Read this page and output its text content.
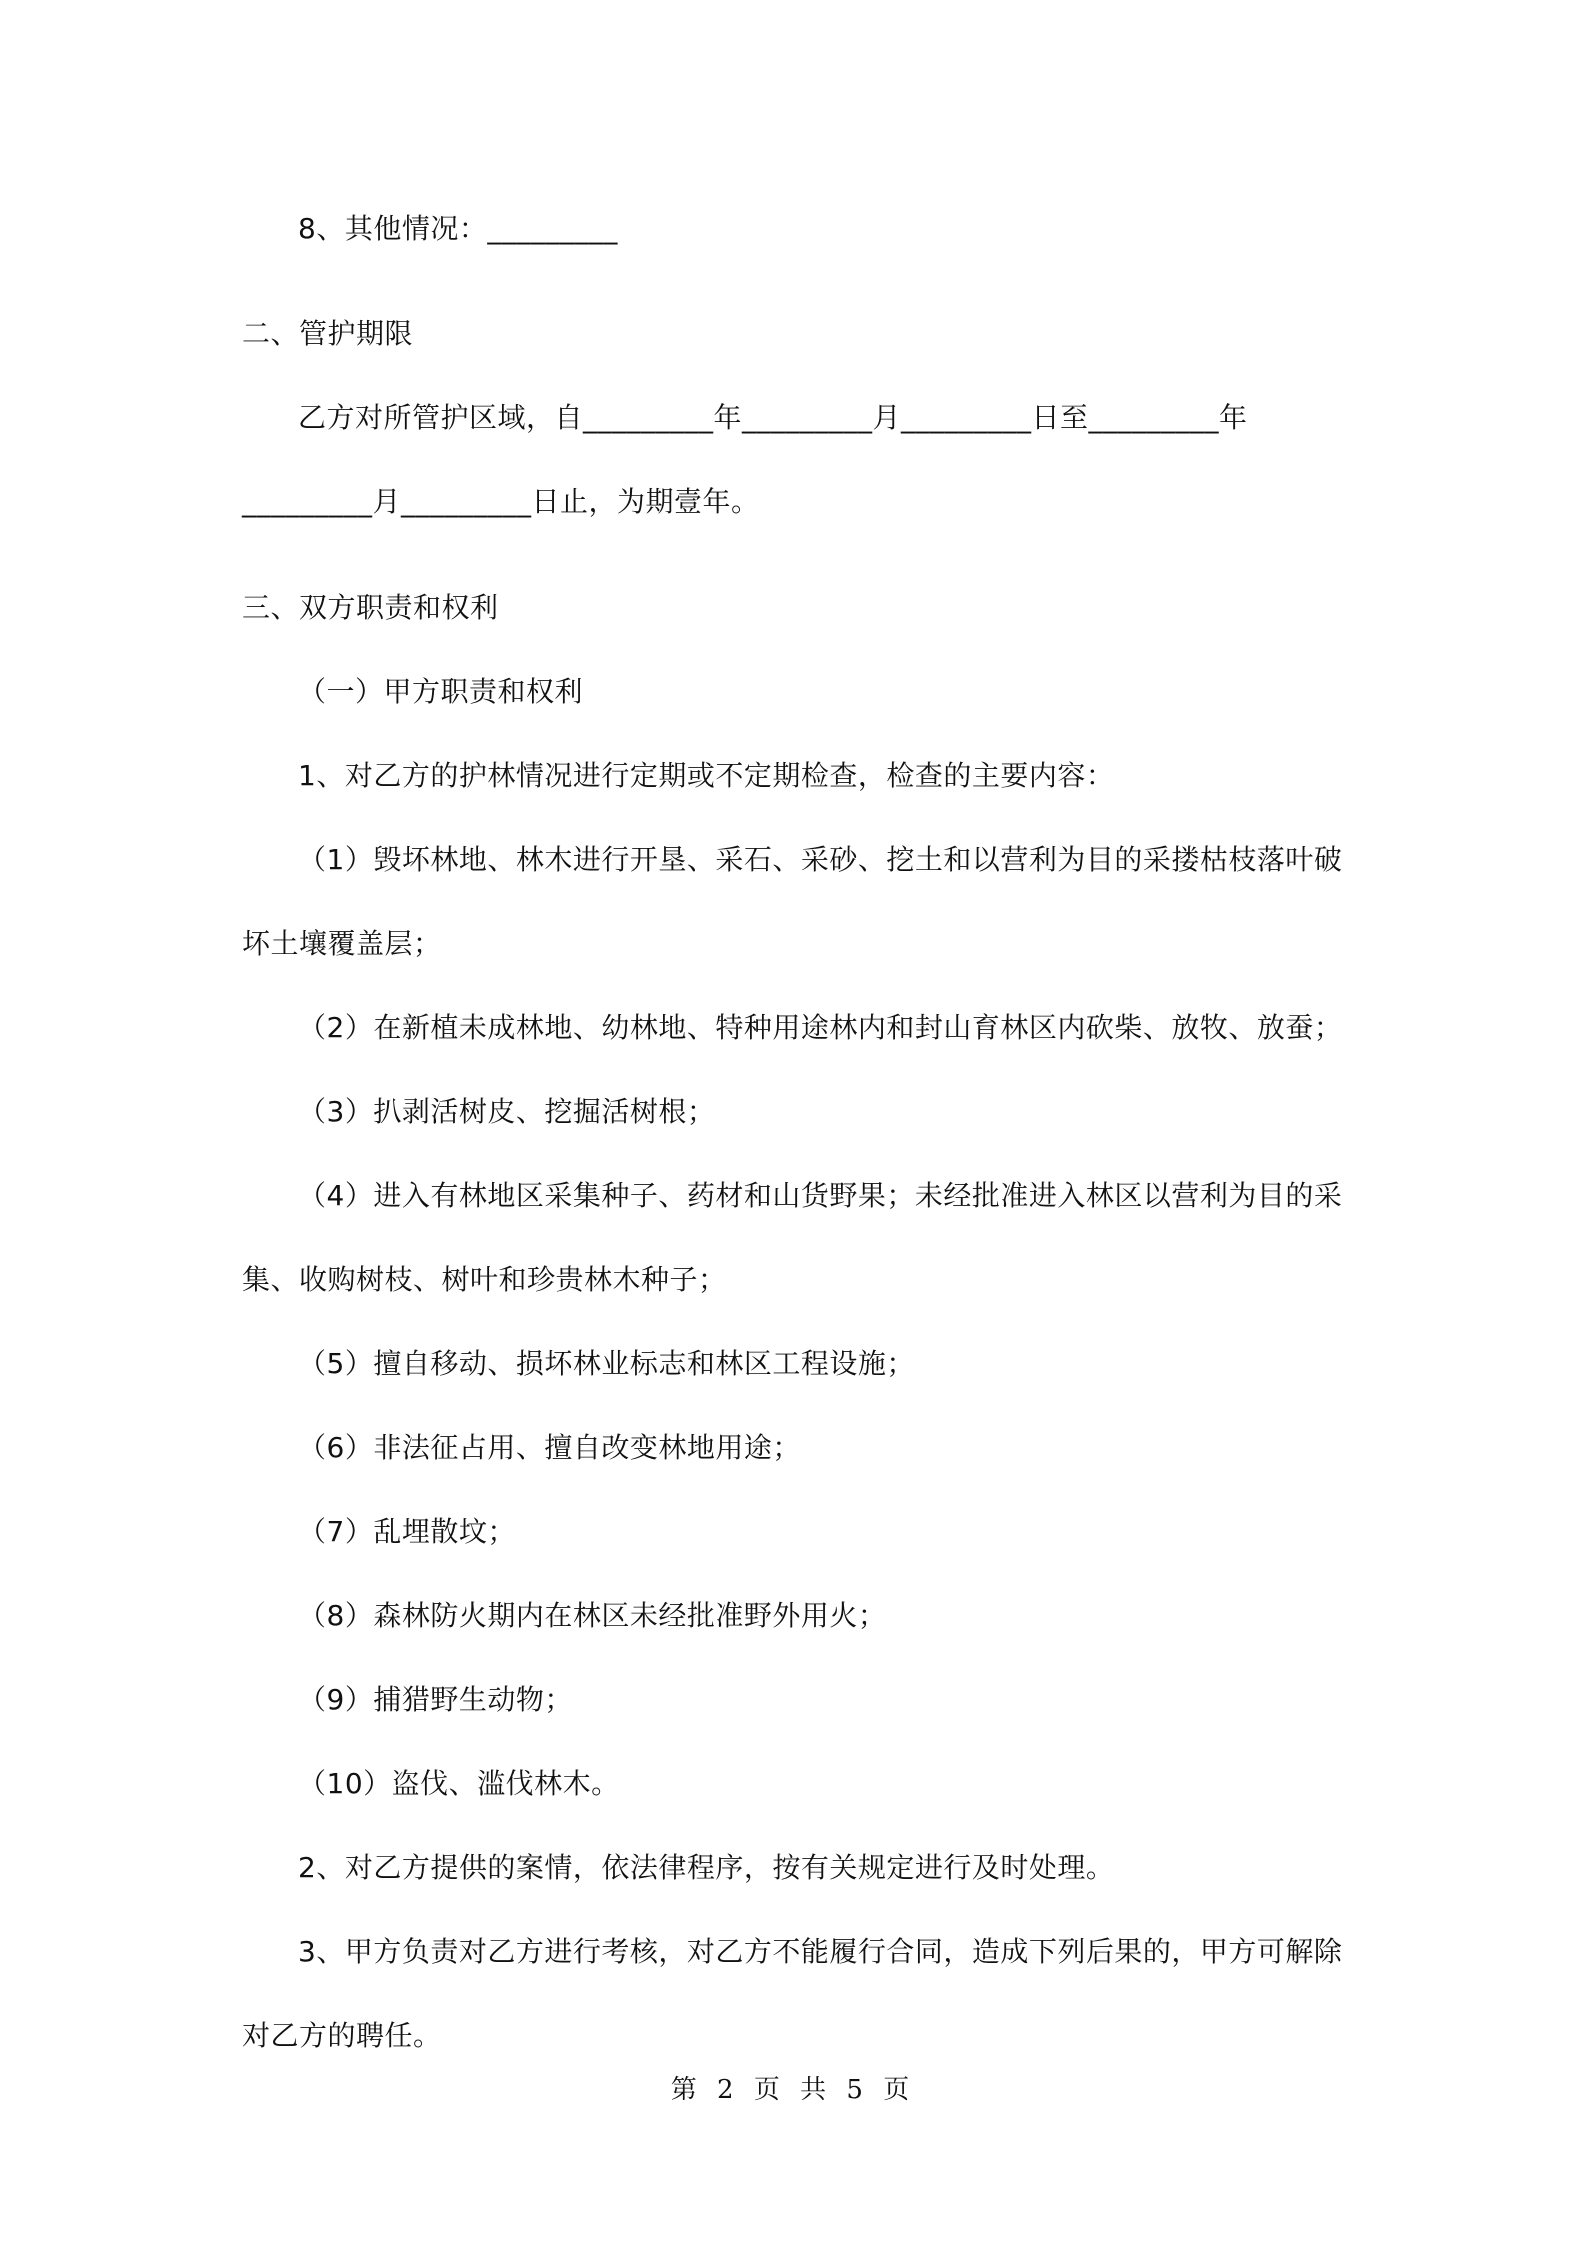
8、其他情况：_________
二、管护期限
乙方对所管护区域，自_________年_________月_________日至_________年
_________月_________日止，为期壹年。
三、双方职责和权利
（一）甲方职责和权利
1、对乙方的护林情况进行定期或不定期检查，检查的主要内容：
（1）毁坏林地、林木进行开垦、采石、采砂、挖土和以营利为目的采搂枯枝落叶破
坏土壤覆盖层；
（2）在新植未成林地、幼林地、特种用途林内和封山育林区内砍柴、放牧、放蚕；
（3）扒剥活树皮、挖掘活树根；
（4）进入有林地区采集种子、药材和山货野果；未经批准进入林区以营利为目的采
集、收购树枝、树叶和珍贵林木种子；
（5）擅自移动、损坏林业标志和林区工程设施；
（6）非法征占用、擅自改变林地用途；
（7）乱埋散坟；
（8）森林防火期内在林区未经批准野外用火；
（9）捕猎野生动物；
（10）盗伐、滥伐林木。
2、对乙方提供的案情，依法律程序，按有关规定进行及时处理。
3、甲方负责对乙方进行考核，对乙方不能履行合同，造成下列后果的，甲方可解除
对乙方的聘任。
第 2 页 共 5 页
